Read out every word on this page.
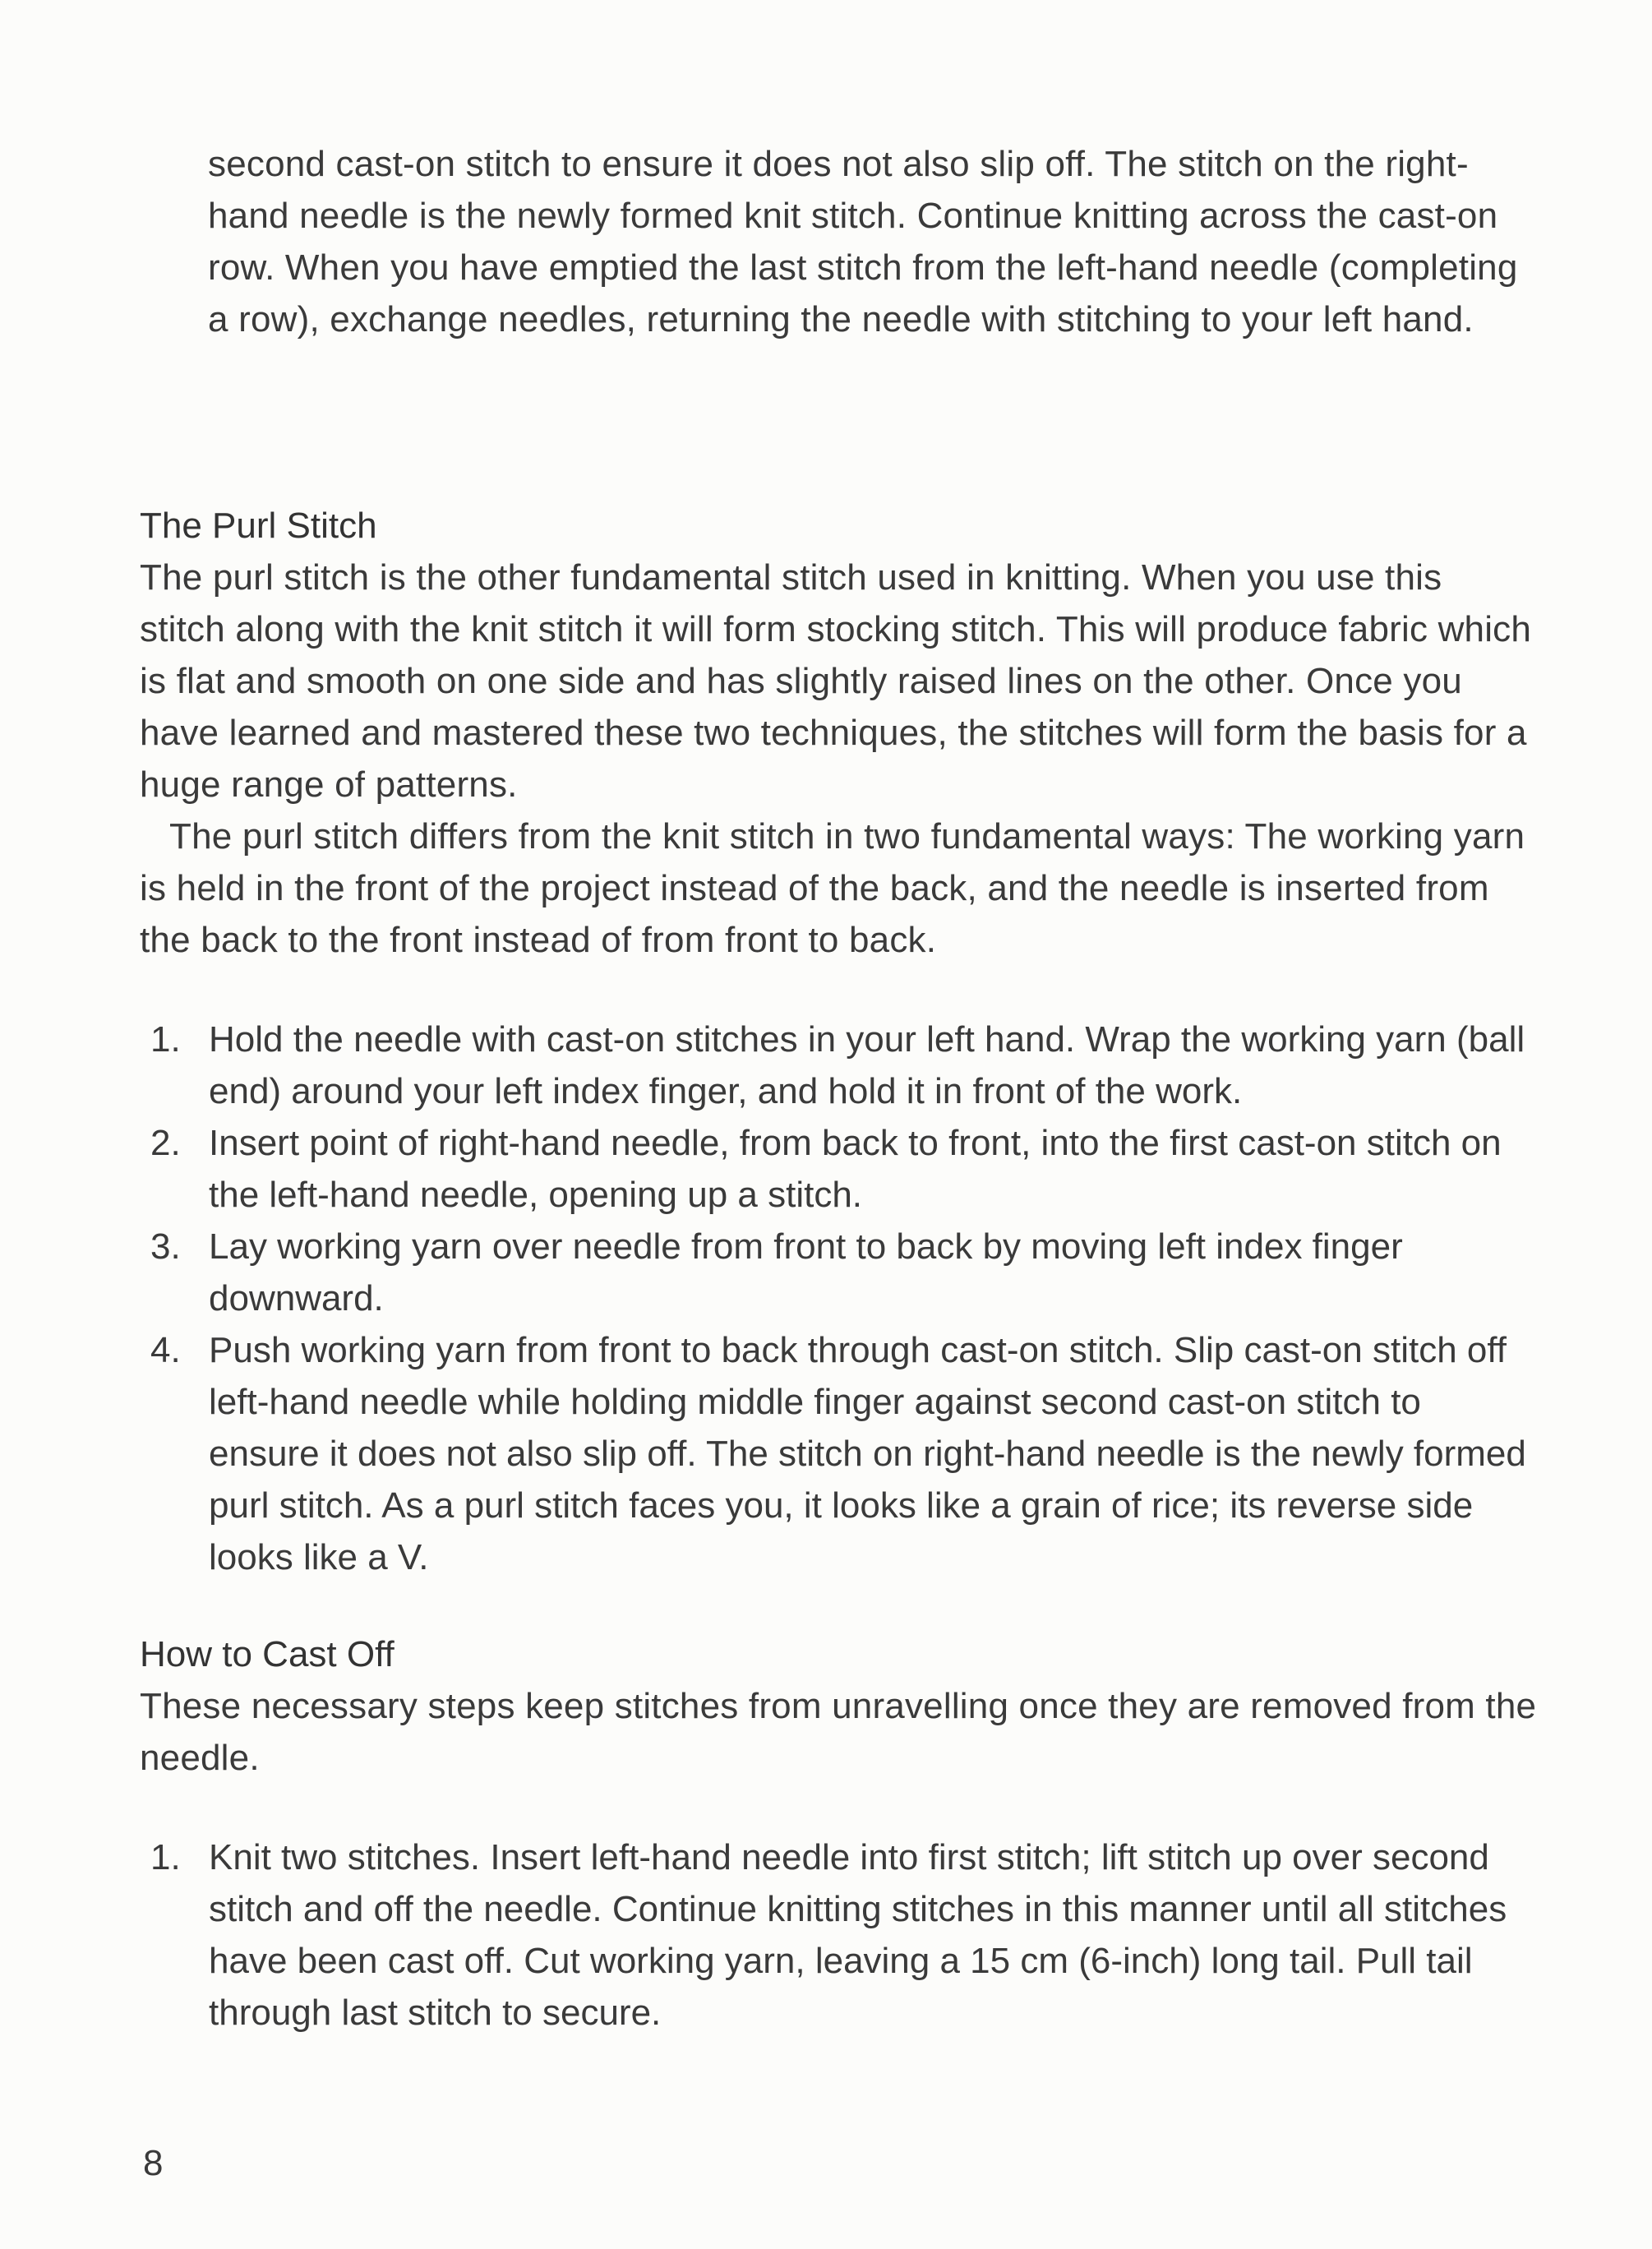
second cast-on stitch to ensure it does not also slip off. The stitch on the right-hand needle is the newly formed knit stitch. Continue knitting across the cast-on row. When you have emptied the last stitch from the left-hand needle (completing a row), exchange needles, returning the needle with stitching to your left hand.

The Purl Stitch

The purl stitch is the other fundamental stitch used in knitting. When you use this stitch along with the knit stitch it will form stocking stitch. This will produce fabric which is flat and smooth on one side and has slightly raised lines on the other. Once you have learned and mastered these two techniques, the stitches will form the basis for a huge range of patterns.

The purl stitch differs from the knit stitch in two fundamental ways: The working yarn is held in the front of the project instead of the back, and the needle is inserted from the back to the front instead of from front to back.

1. Hold the needle with cast-on stitches in your left hand. Wrap the working yarn (ball end) around your left index finger, and hold it in front of the work.
2. Insert point of right-hand needle, from back to front, into the first cast-on stitch on the left-hand needle, opening up a stitch.
3. Lay working yarn over needle from front to back by moving left index finger downward.
4. Push working yarn from front to back through cast-on stitch. Slip cast-on stitch off left-hand needle while holding middle finger against second cast-on stitch to ensure it does not also slip off. The stitch on right-hand needle is the newly formed purl stitch. As a purl stitch faces you, it looks like a grain of rice; its reverse side looks like a V.
How to Cast Off

These necessary steps keep stitches from unravelling once they are removed from the needle.

1. Knit two stitches. Insert left-hand needle into first stitch; lift stitch up over second stitch and off the needle. Continue knitting stitches in this manner until all stitches have been cast off. Cut working yarn, leaving a 15 cm (6-inch) long tail. Pull tail through last stitch to secure.
8
